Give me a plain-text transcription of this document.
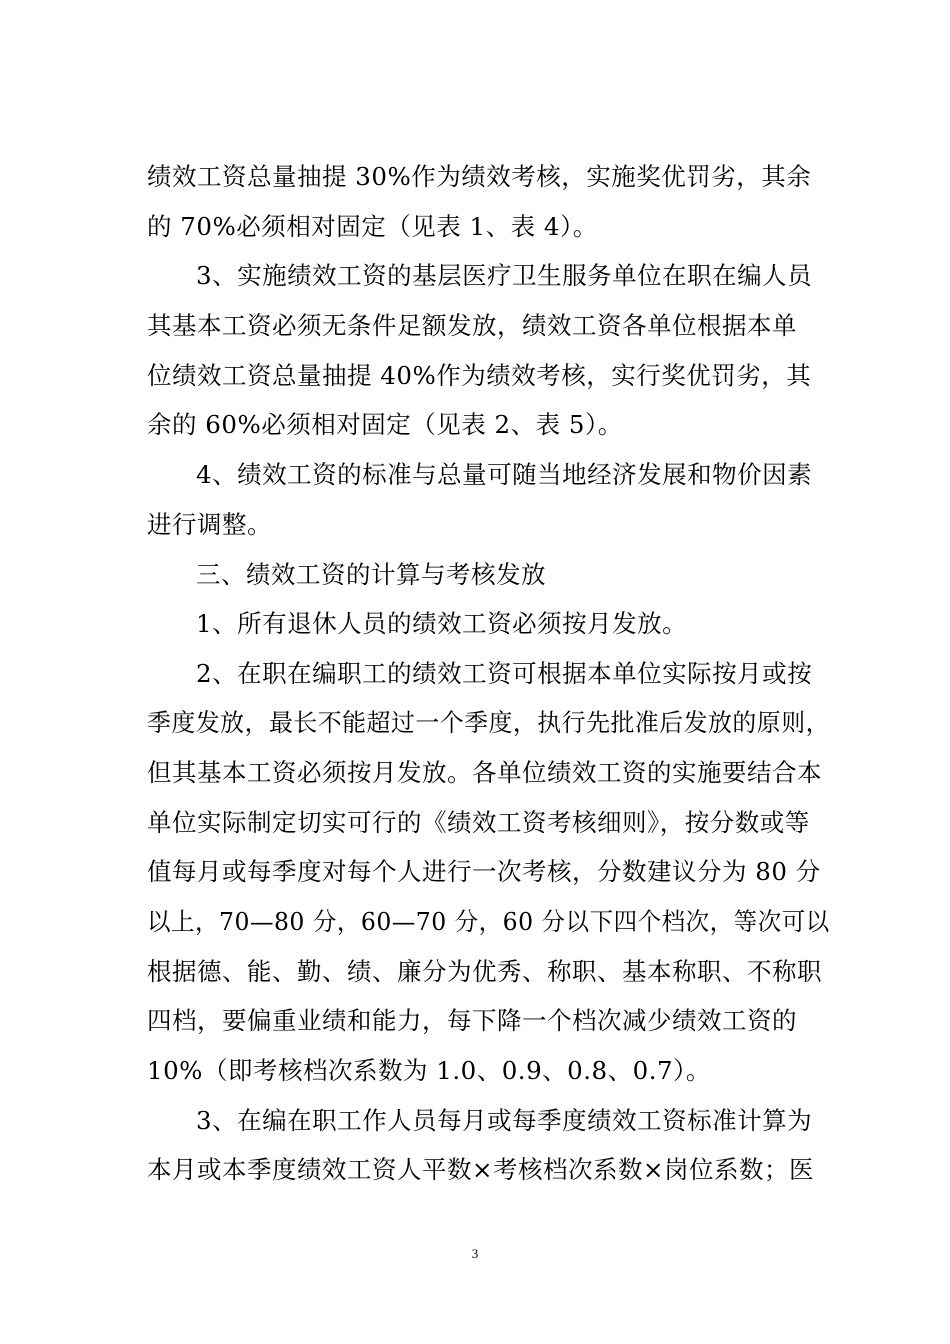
绩效工资总量抽提 30%作为绩效考核，实施奖优罚劣，其余
的 70%必须相对固定（见表 1、表 4）。
3、实施绩效工资的基层医疗卫生服务单位在职在编人员
其基本工资必须无条件足额发放，绩效工资各单位根据本单
位绩效工资总量抽提 40%作为绩效考核，实行奖优罚劣，其
余的 60%必须相对固定（见表 2、表 5）。
4、绩效工资的标准与总量可随当地经济发展和物价因素
进行调整。
三、绩效工资的计算与考核发放
1、所有退休人员的绩效工资必须按月发放。
2、在职在编职工的绩效工资可根据本单位实际按月或按
季度发放，最长不能超过一个季度，执行先批准后发放的原则，
但其基本工资必须按月发放。各单位绩效工资的实施要结合本
单位实际制定切实可行的《绩效工资考核细则》，按分数或等
值每月或每季度对每个人进行一次考核，分数建议分为 80 分
以上，70—80 分，60—70 分，60 分以下四个档次，等次可以
根据德、能、勤、绩、廉分为优秀、称职、基本称职、不称职
四档，要偏重业绩和能力，每下降一个档次减少绩效工资的
10%（即考核档次系数为 1.0、0.9、0.8、0.7）。
3、在编在职工作人员每月或每季度绩效工资标准计算为
本月或本季度绩效工资人平数×考核档次系数×岗位系数；医
3
